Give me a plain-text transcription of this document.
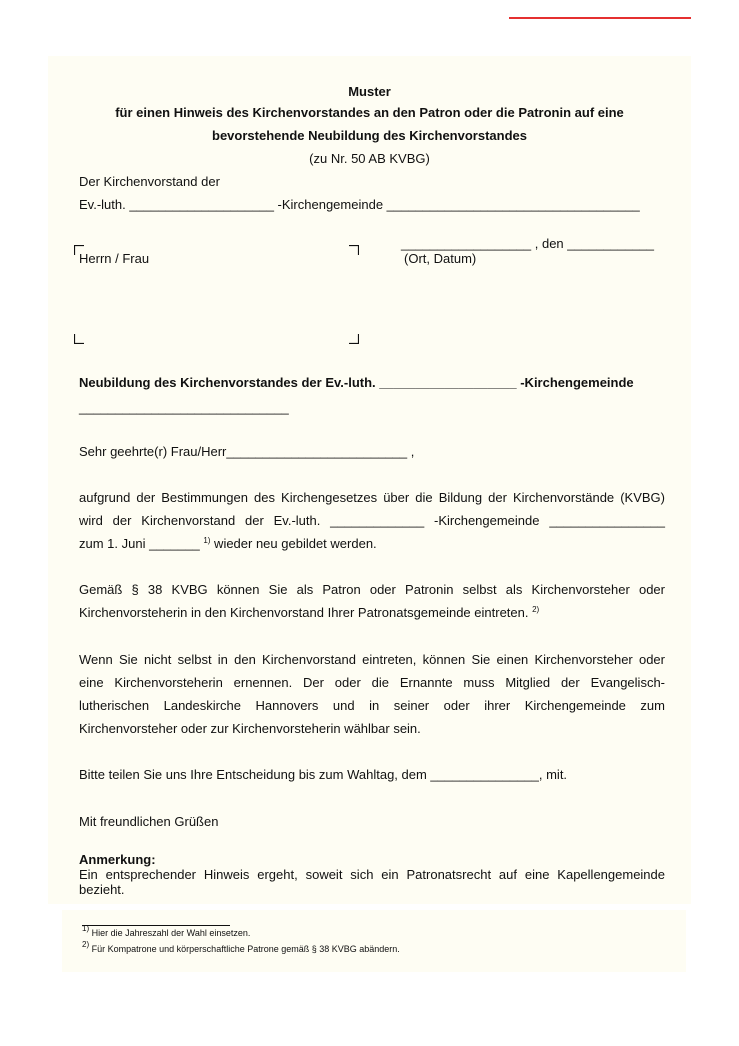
Muster
für einen Hinweis des Kirchenvorstandes an den Patron oder die Patronin auf eine
bevorstehende Neubildung des Kirchenvorstandes
(zu Nr. 50 AB KVBG)
Der Kirchenvorstand der
Ev.-luth. ____________________ -Kirchengemeinde ___________________________________
Herrn / Frau
__________________ , den ____________
(Ort, Datum)
Neubildung des Kirchenvorstandes der Ev.-luth. ___________________ -Kirchengemeinde
_____________________________
Sehr geehrte(r) Frau/Herr_________________________ ,
aufgrund der Bestimmungen des Kirchengesetzes über die Bildung der Kirchenvorstände (KVBG)
wird der Kirchenvorstand der Ev.-luth. _____________ -Kirchengemeinde ________________
zum 1. Juni _______ $^{1)}$ wieder neu gebildet werden.
Gemäß § 38 KVBG können Sie als Patron oder Patronin selbst als Kirchenvorsteher oder
Kirchenvorsteherin in den Kirchenvorstand Ihrer Patronatsgemeinde eintreten. $^{2)}$
Wenn Sie nicht selbst in den Kirchenvorstand eintreten, können Sie einen Kirchenvorsteher oder
eine Kirchenvorsteherin ernennen. Der oder die Ernannte muss Mitglied der Evangelisch-
lutherischen Landeskirche Hannovers und in seiner oder ihrer Kirchengemeinde zum
Kirchenvorsteher oder zur Kirchenvorsteherin wählbar sein.
Bitte teilen Sie uns Ihre Entscheidung bis zum Wahltag, dem _______________, mit.
Mit freundlichen Grüßen
Anmerkung:
Ein entsprechender Hinweis ergeht, soweit sich ein Patronatsrecht auf eine Kapellengemeinde
bezieht.
$^{1)}$ Hier die Jahreszahl der Wahl einsetzen.
$^{2)}$ Für Kompatrone und körperschaftliche Patrone gemäß § 38 KVBG abändern.
